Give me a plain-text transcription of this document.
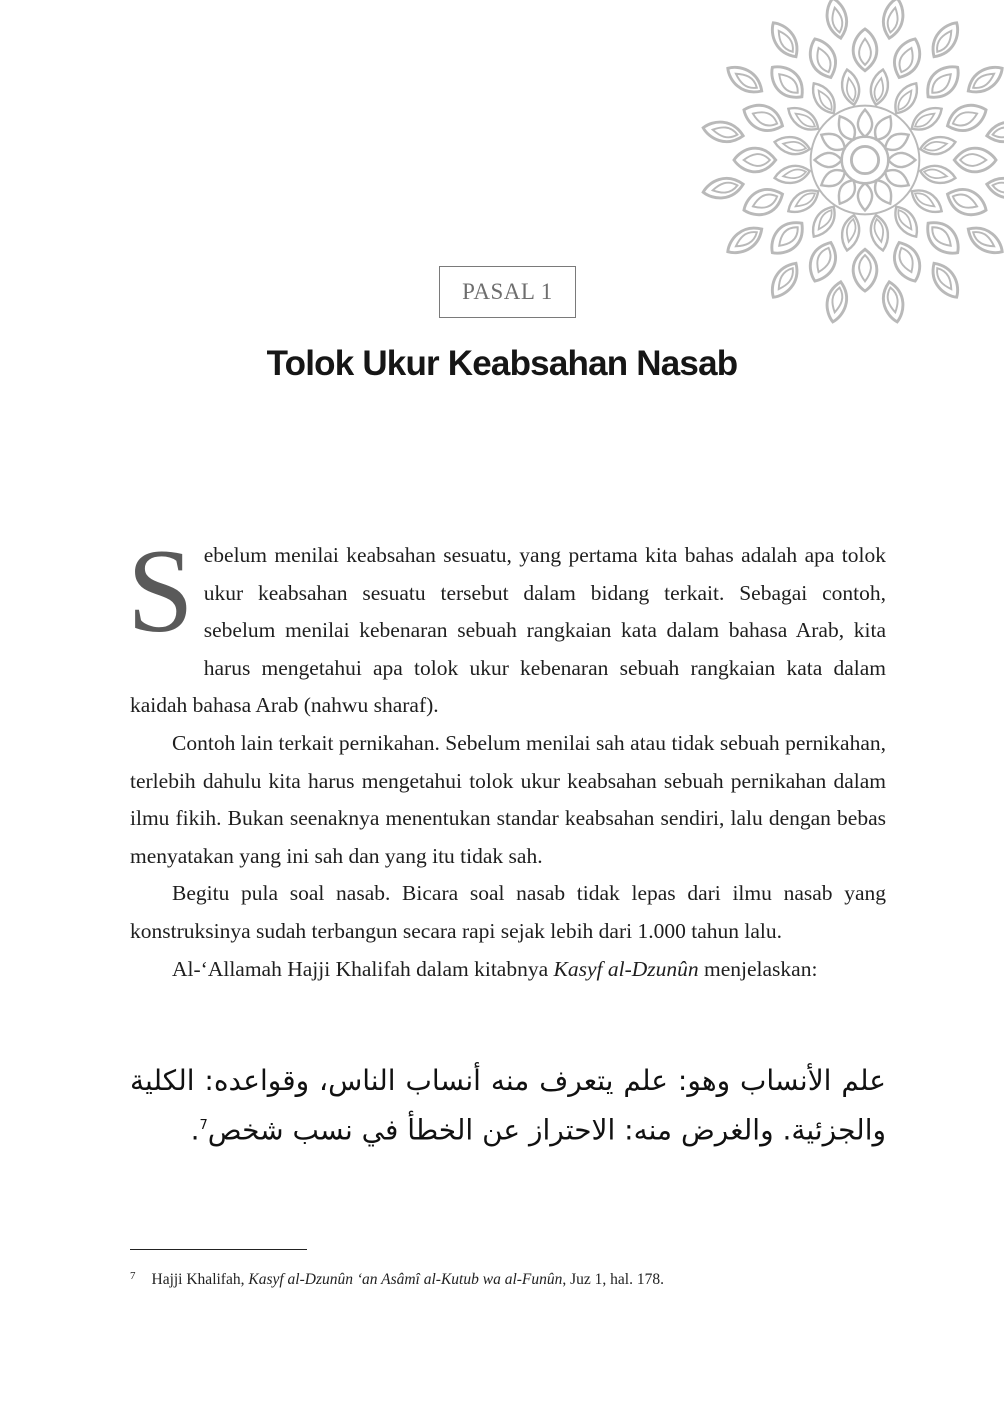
PASAL 1
Tolok Ukur Keabsahan Nasab

Sebelum menilai keabsahan sesuatu, yang pertama kita bahas adalah apa tolok ukur keabsahan sesuatu tersebut dalam bidang terkait. Sebagai contoh, sebelum menilai kebenaran sebuah rangkaian kata dalam bahasa Arab, kita harus mengetahui apa tolok ukur kebenaran sebuah rangkaian kata dalam kaidah bahasa Arab (nahwu sharaf).

Contoh lain terkait pernikahan. Sebelum menilai sah atau tidak sebuah pernikahan, terlebih dahulu kita harus mengetahui tolok ukur keabsahan sebuah pernikahan dalam ilmu fikih. Bukan seenaknya menentukan standar keabsahan sendiri, lalu dengan bebas menyatakan yang ini sah dan yang itu tidak sah.

Begitu pula soal nasab. Bicara soal nasab tidak lepas dari ilmu nasab yang konstruksinya sudah terbangun secara rapi sejak lebih dari 1.000 tahun lalu.

Al-‘Allamah Hajji Khalifah dalam kitabnya Kasyf al-Dzunûn menjelaskan:

علم الأنساب وهو: علم يتعرف منه أنساب الناس، وقواعده: الكلية والجزئية. والغرض منه: الاحتراز عن الخطأ في نسب شخص$^7$.

$^7$ Hajji Khalifah, Kasyf al-Dzunûn ‘an Asâmî al-Kutub wa al-Funûn, Juz 1, hal. 178.
